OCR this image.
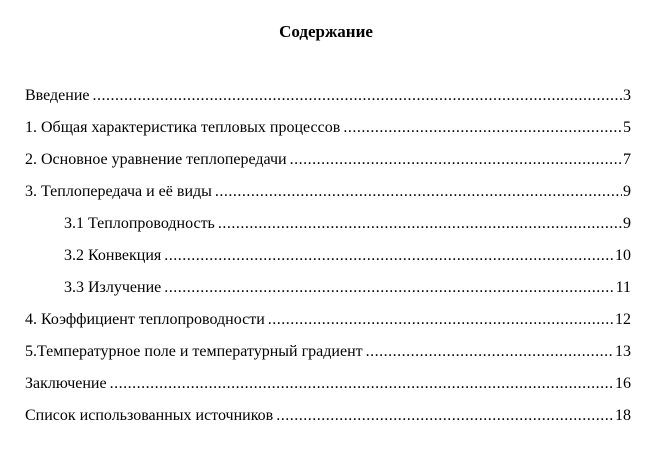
Содержание
Введение .....	3
1. Общая характеристика тепловых процессов .....	5
2. Основное уравнение теплопередачи .....	7
3. Теплопередача и её виды .....	9
3.1 Теплопроводность .....	9
3.2 Конвекция .....	10
3.3 Излучение .....	11
4. Коэффициент теплопроводности .....	12
5.Температурное поле и температурный градиент .....	13
Заключение .....	16
Список использованных источников .....	18
